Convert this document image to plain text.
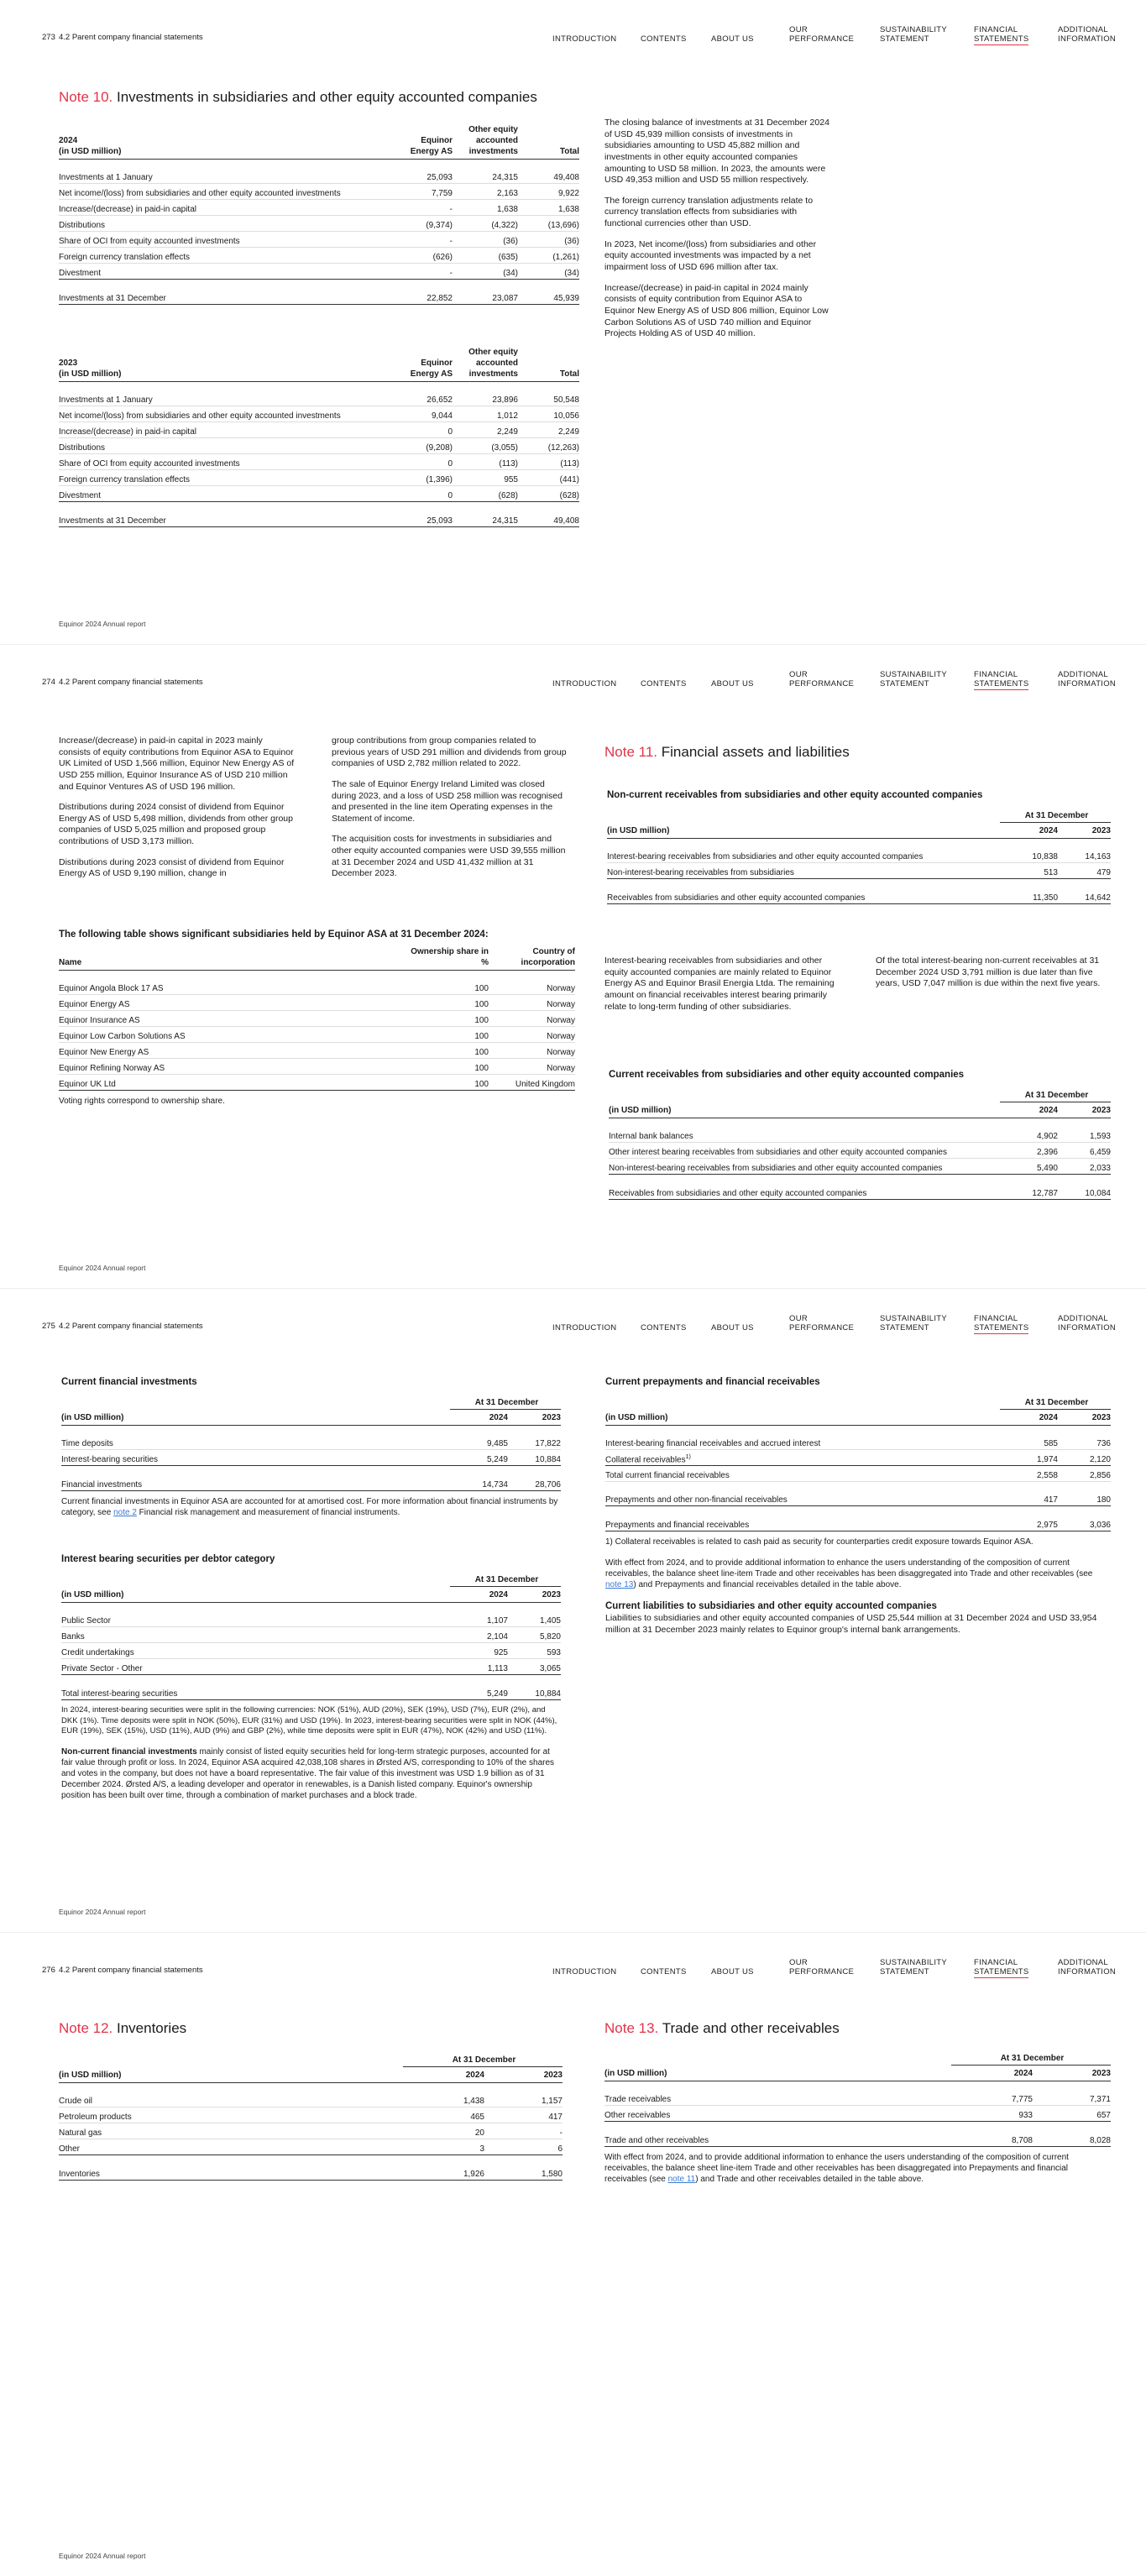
273 4.2 Parent company financial statements	INTRODUCTION	CONTENTS	ABOUT US
OUR
PERFORMANCE
SUSTAINABILITY
STATEMENT
FINANCIAL
STATEMENTS
ADDITIONAL
INFORMATION
Note 10. Investments in subsidiaries and other equity accounted companies
2024
(in USD million)	Equinor Energy AS	Other equity accounted investments	Total

Investments at 1 January	25,093	24,315	49,408
Net income/(loss) from subsidiaries and other equity accounted investments	7,759	2,163	9,922
Increase/(decrease) in paid-in capital	-	1,638	1,638
Distributions	(9,374)	(4,322)	(13,696)
Share of OCI from equity accounted investments	-	(36)	(36)
Foreign currency translation effects	(626)	(635)	(1,261)
Divestment	-	(34)	(34)
Investments at 31 December	22,852	23,087	45,939
2023
(in USD million)	Equinor Energy AS	Other equity accounted investments	Total

Investments at 1 January	26,652	23,896	50,548
Net income/(loss) from subsidiaries and other equity accounted investments	9,044	1,012	10,056
Increase/(decrease) in paid-in capital	0	2,249	2,249
Distributions	(9,208)	(3,055)	(12,263)
Share of OCI from equity accounted investments	0	(113)	(113)
Foreign currency translation effects	(1,396)	955	(441)
Divestment	0	(628)	(628)
Investments at 31 December	25,093	24,315	49,408

The closing balance of investments at 31 December 2024 of USD 45,939 million consists of investments in subsidiaries amounting to USD 45,882 million and investments in other equity accounted companies amounting to USD 58 million. In 2023, the amounts were USD 49,353 million and USD 55 million respectively.

The foreign currency translation adjustments relate to currency translation effects from subsidiaries with functional currencies other than USD.

In 2023, Net income/(loss) from subsidiaries and other equity accounted investments was impacted by a net impairment loss of USD 696 million after tax.

Increase/(decrease) in paid-in capital in 2024 mainly consists of equity contribution from Equinor ASA to Equinor New Energy AS of USD 806 million, Equinor Low Carbon Solutions AS of USD 740 million and Equinor Projects Holding AS of USD 40 million.

Equinor 2024 Annual report
274 4.2 Parent company financial statements	INTRODUCTION	CONTENTS	ABOUT US
OUR
PERFORMANCE
SUSTAINABILITY
STATEMENT
FINANCIAL
STATEMENTS
ADDITIONAL
INFORMATION

Increase/(decrease) in paid-in capital in 2023 mainly consists of equity contributions from Equinor ASA to Equinor UK Limited of USD 1,566 million, Equinor New Energy AS of USD 255 million, Equinor Insurance AS of USD 210 million and Equinor Ventures AS of USD 196 million.

Distributions during 2024 consist of dividend from Equinor Energy AS of USD 5,498 million, dividends from other group companies of USD 5,025 million and proposed group contributions of USD 3,173 million.

Distributions during 2023 consist of dividend from Equinor Energy AS of USD 9,190 million, change in

group contributions from group companies related to previous years of USD 291 million and dividends from group companies of USD 2,782 million related to 2022.

The sale of Equinor Energy Ireland Limited was closed during 2023, and a loss of USD 258 million was recognised and presented in the line item Operating expenses in the Statement of income.

The acquisition costs for investments in subsidiaries and other equity accounted companies were USD 39,555 million at 31 December 2024 and USD 41,432 million at 31 December 2023.

The following table shows significant subsidiaries held by Equinor ASA at 31 December 2024:
Name	Ownership share in %	Country of incorporation

Equinor Angola Block 17 AS	100	Norway
Equinor Energy AS	100	Norway
Equinor Insurance AS	100	Norway
Equinor Low Carbon Solutions AS	100	Norway
Equinor New Energy AS	100	Norway
Equinor Refining Norway AS	100	Norway
Equinor UK Ltd	100	United Kingdom
Voting rights correspond to ownership share.
Note 11. Financial assets and liabilities
Non-current receivables from subsidiaries and other equity accounted companies
	At 31 December	
(in USD million)	2024	2023

Interest-bearing receivables from subsidiaries and other equity accounted companies	10,838	14,163
Non-interest-bearing receivables from subsidiaries	513	479
Receivables from subsidiaries and other equity accounted companies	11,350	14,642
Interest-bearing receivables from subsidiaries and other equity accounted companies are mainly related to Equinor Energy AS and Equinor Brasil Energia Ltda. The remaining amount on financial receivables interest bearing primarily relate to long-term funding of other subsidiaries.
Of the total interest-bearing non-current receivables at 31 December 2024 USD 3,791 million is due later than five years, USD 7,047 million is due within the next five years.
Current receivables from subsidiaries and other equity accounted companies
	At 31 December	
(in USD million)	2024	2023

Internal bank balances	4,902	1,593
Other interest bearing receivables from subsidiaries and other equity accounted companies	2,396	6,459
Non-interest-bearing receivables from subsidiaries and other equity accounted companies	5,490	2,033
Receivables from subsidiaries and other equity accounted companies	12,787	10,084
Equinor 2024 Annual report
275 4.2 Parent company financial statements	INTRODUCTION	CONTENTS	ABOUT US
OUR
PERFORMANCE
SUSTAINABILITY
STATEMENT
FINANCIAL
STATEMENTS
ADDITIONAL
INFORMATION
Current financial investments
	At 31 December	
(in USD million)	2024	2023

Time deposits	9,485	17,822
Interest-bearing securities	5,249	10,884
Financial investments	14,734	28,706
Current financial investments in Equinor ASA are accounted for at amortised cost. For more information about financial instruments by category, see note 2 Financial risk management and measurement of financial instruments.
Interest bearing securities per debtor category
	At 31 December	
(in USD million)	2024	2023

Public Sector	1,107	1,405
Banks	2,104	5,820
Credit undertakings	925	593
Private Sector - Other	1,113	3,065
Total interest-bearing securities	5,249	10,884
In 2024, interest-bearing securities were split in the following currencies: NOK (51%), AUD (20%), SEK (19%), USD (7%), EUR (2%), and DKK (1%). Time deposits were split in NOK (50%), EUR (31%) and USD (19%). In 2023, interest-bearing securities were split in NOK (44%), EUR (19%), SEK (15%), USD (11%), AUD (9%) and GBP (2%), while time deposits were split in EUR (47%), NOK (42%) and USD (11%).
Non-current financial investments mainly consist of listed equity securities held for long-term strategic purposes, accounted for at fair value through profit or loss. In 2024, Equinor ASA acquired 42,038,108 shares in Ørsted A/S, corresponding to 10% of the shares and votes in the company, but does not have a board representative. The fair value of this investment was USD 1.9 billion as of 31 December 2024. Ørsted A/S, a leading developer and operator in renewables, is a Danish listed company. Equinor's ownership position has been built over time, through a combination of market purchases and a block trade.
Current prepayments and financial receivables
	At 31 December	
(in USD million)	2024	2023

Interest-bearing financial receivables and accrued interest	585	736
Collateral receivables$^{1)}$	1,974	2,120
Total current financial receivables	2,558	2,856

Prepayments and other non-financial receivables	417	180
Prepayments and financial receivables	2,975	3,036
1) Collateral receivables is related to cash paid as security for counterparties credit exposure towards Equinor ASA.
With effect from 2024, and to provide additional information to enhance the users understanding of the composition of current receivables, the balance sheet line-item Trade and other receivables has been disaggregated into Trade and other receivables (see note 13) and Prepayments and financial receivables detailed in the table above.
Current liabilities to subsidiaries and other equity accounted companies
Liabilities to subsidiaries and other equity accounted companies of USD 25,544 million at 31 December 2024 and USD 33,954 million at 31 December 2023 mainly relates to Equinor group's internal bank arrangements.
Equinor 2024 Annual report
276 4.2 Parent company financial statements	INTRODUCTION	CONTENTS	ABOUT US
OUR
PERFORMANCE
SUSTAINABILITY
STATEMENT
FINANCIAL
STATEMENTS
ADDITIONAL
INFORMATION
Note 12. Inventories
	At 31 December	
(in USD million)	2024	2023

Crude oil	1,438	1,157
Petroleum products	465	417
Natural gas	20	-
Other	3	6
Inventories	1,926	1,580
Note 13. Trade and other receivables
	At 31 December	
(in USD million)	2024	2023

Trade receivables	7,775	7,371
Other receivables	933	657
Trade and other receivables	8,708	8,028
With effect from 2024, and to provide additional information to enhance the users understanding of the composition of current receivables, the balance sheet line-item Trade and other receivables has been disaggregated into Prepayments and financial receivables (see note 11) and Trade and other receivables detailed in the table above.
Equinor 2024 Annual report
